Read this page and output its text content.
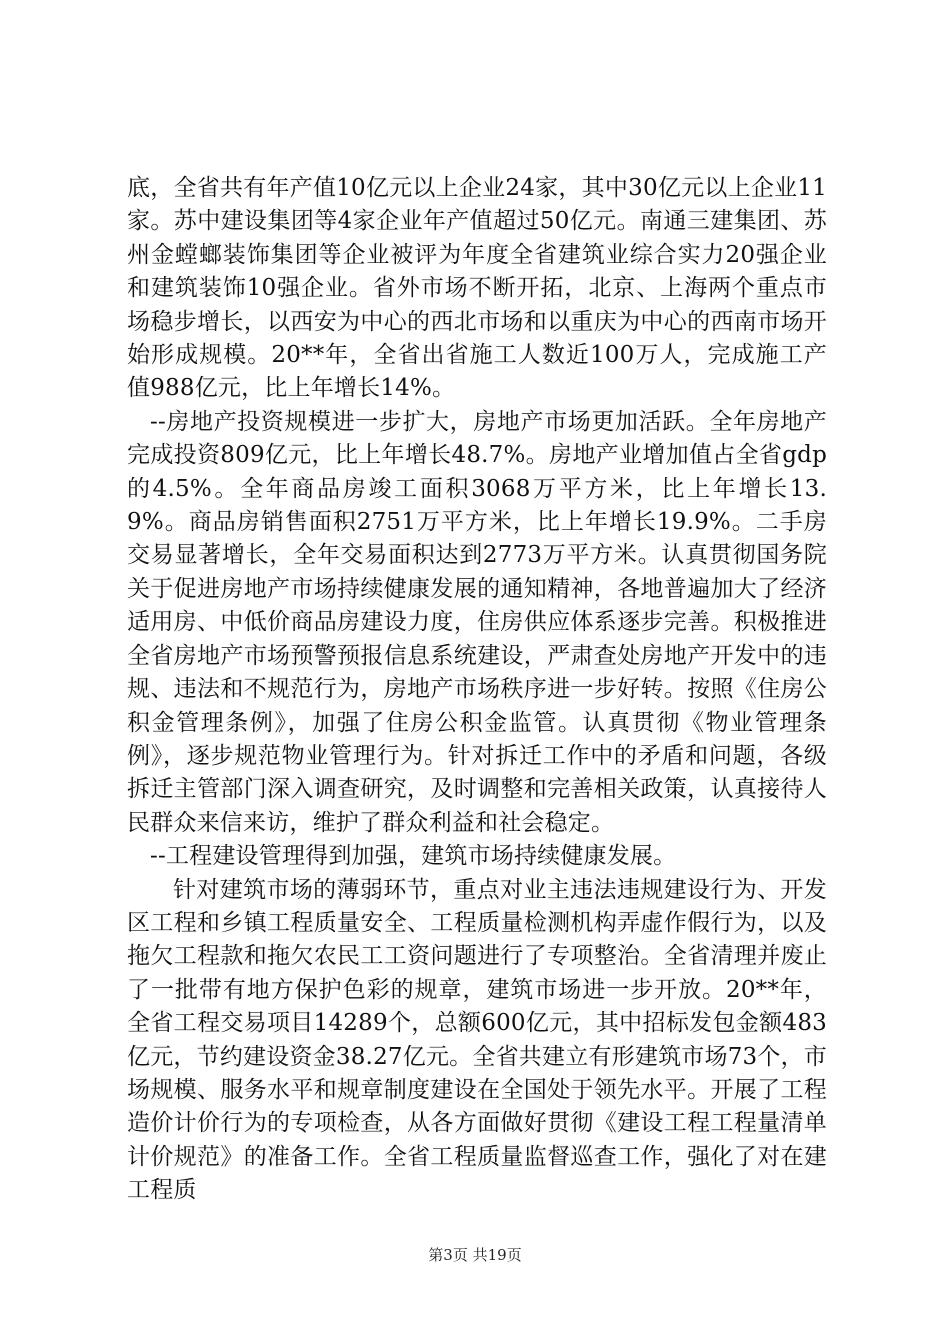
底，全省共有年产值10亿元以上企业24家，其中30亿元以上企业11家。苏中建设集团等4家企业年产值超过50亿元。南通三建集团、苏州金螳螂装饰集团等企业被评为年度全省建筑业综合实力20强企业和建筑装饰10强企业。省外市场不断开拓，北京、上海两个重点市场稳步增长，以西安为中心的西北市场和以重庆为中心的西南市场开始形成规模。20**年，全省出省施工人数近100万人，完成施工产值988亿元，比上年增长14%。

--房地产投资规模进一步扩大，房地产市场更加活跃。全年房地产完成投资809亿元，比上年增长48.7%。房地产业增加值占全省gdp的4.5%。全年商品房竣工面积3068万平方米，比上年增长13.9%。商品房销售面积2751万平方米，比上年增长19.9%。二手房交易显著增长，全年交易面积达到2773万平方米。认真贯彻国务院关于促进房地产市场持续健康发展的通知精神，各地普遍加大了经济适用房、中低价商品房建设力度，住房供应体系逐步完善。积极推进全省房地产市场预警预报信息系统建设，严肃查处房地产开发中的违规、违法和不规范行为，房地产市场秩序进一步好转。按照《住房公积金管理条例》，加强了住房公积金监管。认真贯彻《物业管理条例》，逐步规范物业管理行为。针对拆迁工作中的矛盾和问题，各级拆迁主管部门深入调查研究，及时调整和完善相关政策，认真接待人民群众来信来访，维护了群众利益和社会稳定。

--工程建设管理得到加强，建筑市场持续健康发展。

针对建筑市场的薄弱环节，重点对业主违法违规建设行为、开发区工程和乡镇工程质量安全、工程质量检测机构弄虚作假行为，以及拖欠工程款和拖欠农民工工资问题进行了专项整治。全省清理并废止了一批带有地方保护色彩的规章，建筑市场进一步开放。20**年，全省工程交易项目14289个，总额600亿元，其中招标发包金额483亿元，节约建设资金38.27亿元。全省共建立有形建筑市场73个，市场规模、服务水平和规章制度建设在全国处于领先水平。开展了工程造价计价行为的专项检查，从各方面做好贯彻《建设工程工程量清单计价规范》的准备工作。全省工程质量监督巡查工作，强化了对在建工程质

第3页 共19页
